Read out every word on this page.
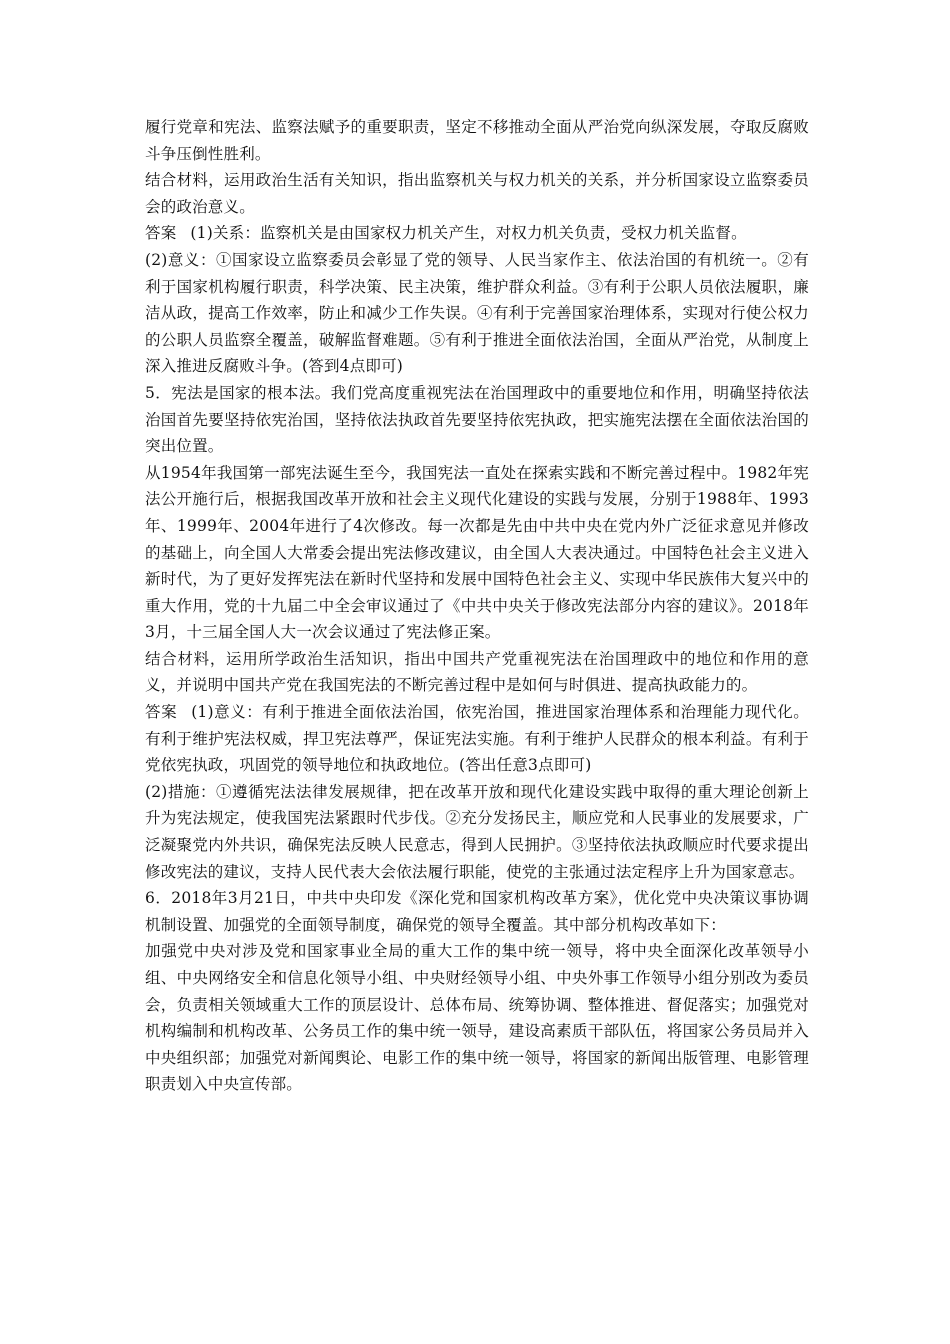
履行党章和宪法、监察法赋予的重要职责，坚定不移推动全面从严治党向纵深发展，夺取反腐败斗争压倒性胜利。

结合材料，运用政治生活有关知识，指出监察机关与权力机关的关系，并分析国家设立监察委员会的政治意义。

答案 (1)关系：监察机关是由国家权力机关产生，对权力机关负责，受权力机关监督。

(2)意义：①国家设立监察委员会彰显了党的领导、人民当家作主、依法治国的有机统一。②有利于国家机构履行职责，科学决策、民主决策，维护群众利益。③有利于公职人员依法履职，廉洁从政，提高工作效率，防止和减少工作失误。④有利于完善国家治理体系，实现对行使公权力的公职人员监察全覆盖，破解监督难题。⑤有利于推进全面依法治国，全面从严治党，从制度上深入推进反腐败斗争。(答到4点即可)

5．宪法是国家的根本法。我们党高度重视宪法在治国理政中的重要地位和作用，明确坚持依法治国首先要坚持依宪治国，坚持依法执政首先要坚持依宪执政，把实施宪法摆在全面依法治国的突出位置。

从1954年我国第一部宪法诞生至今，我国宪法一直处在探索实践和不断完善过程中。1982年宪法公开施行后，根据我国改革开放和社会主义现代化建设的实践与发展，分别于1988年、1993年、1999年、2004年进行了4次修改。每一次都是先由中共中央在党内外广泛征求意见并修改的基础上，向全国人大常委会提出宪法修改建议，由全国人大表决通过。中国特色社会主义进入新时代，为了更好发挥宪法在新时代坚持和发展中国特色社会主义、实现中华民族伟大复兴中的重大作用，党的十九届二中全会审议通过了《中共中央关于修改宪法部分内容的建议》。2018年3月，十三届全国人大一次会议通过了宪法修正案。

结合材料，运用所学政治生活知识，指出中国共产党重视宪法在治国理政中的地位和作用的意义，并说明中国共产党在我国宪法的不断完善过程中是如何与时俱进、提高执政能力的。

答案 (1)意义：有利于推进全面依法治国，依宪治国，推进国家治理体系和治理能力现代化。有利于维护宪法权威，捍卫宪法尊严，保证宪法实施。有利于维护人民群众的根本利益。有利于党依宪执政，巩固党的领导地位和执政地位。(答出任意3点即可)

(2)措施：①遵循宪法法律发展规律，把在改革开放和现代化建设实践中取得的重大理论创新上升为宪法规定，使我国宪法紧跟时代步伐。②充分发扬民主，顺应党和人民事业的发展要求，广泛凝聚党内外共识，确保宪法反映人民意志，得到人民拥护。③坚持依法执政顺应时代要求提出修改宪法的建议，支持人民代表大会依法履行职能，使党的主张通过法定程序上升为国家意志。

6．2018年3月21日，中共中央印发《深化党和国家机构改革方案》，优化党中央决策议事协调机制设置、加强党的全面领导制度，确保党的领导全覆盖。其中部分机构改革如下：

加强党中央对涉及党和国家事业全局的重大工作的集中统一领导，将中央全面深化改革领导小组、中央网络安全和信息化领导小组、中央财经领导小组、中央外事工作领导小组分别改为委员会，负责相关领域重大工作的顶层设计、总体布局、统筹协调、整体推进、督促落实；加强党对机构编制和机构改革、公务员工作的集中统一领导，建设高素质干部队伍，将国家公务员局并入中央组织部；加强党对新闻舆论、电影工作的集中统一领导，将国家的新闻出版管理、电影管理职责划入中央宣传部。
